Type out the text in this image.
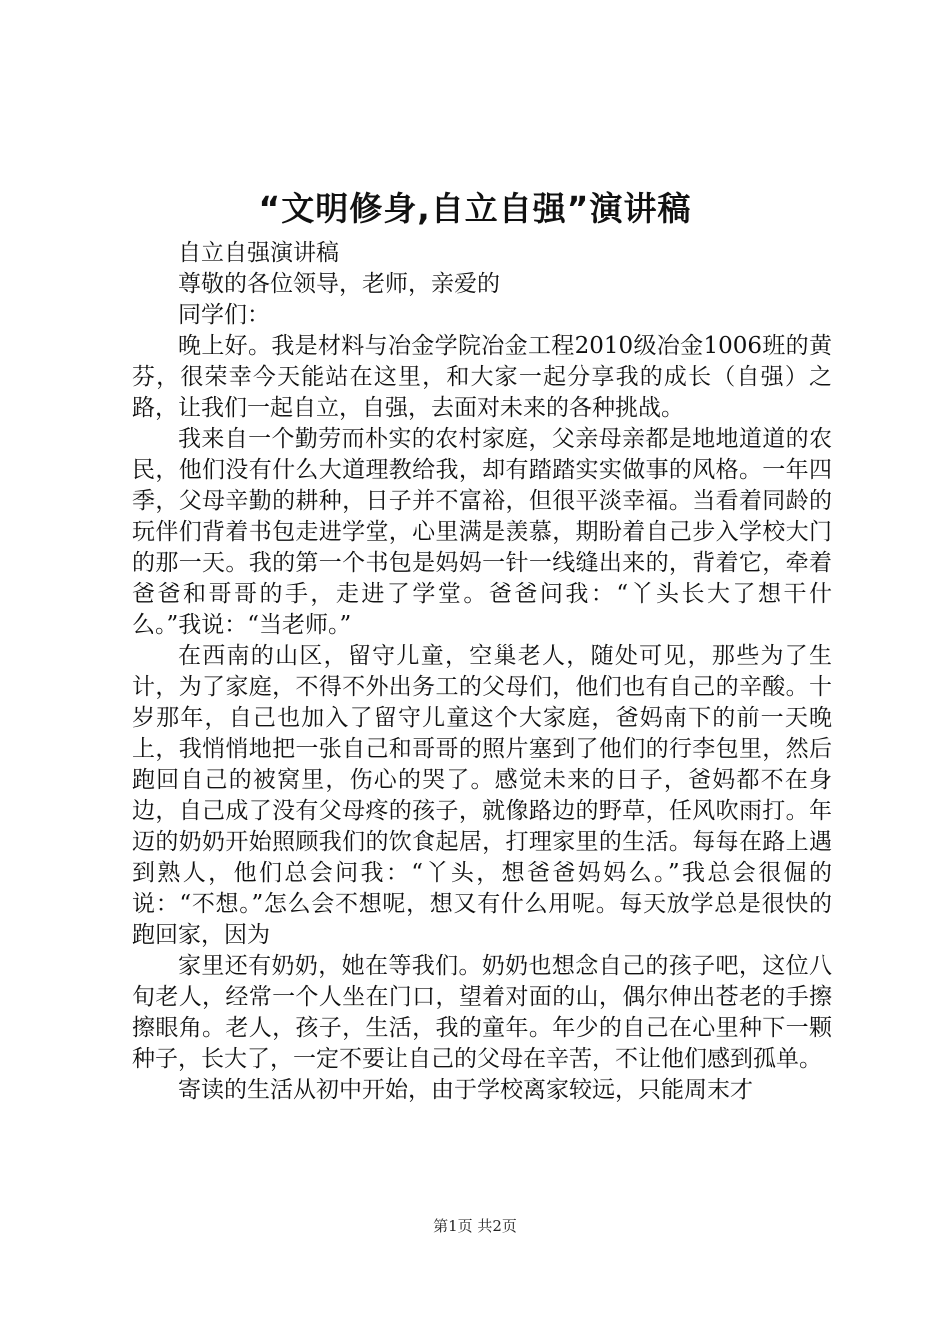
“文明修身,自立自强”演讲稿

自立自强演讲稿

尊敬的各位领导，老师，亲爱的

同学们：

晚上好。我是材料与冶金学院冶金工程2010级冶金1006班的黄芬，很荣幸今天能站在这里，和大家一起分享我的成长（自强）之路，让我们一起自立，自强，去面对未来的各种挑战。

我来自一个勤劳而朴实的农村家庭，父亲母亲都是地地道道的农民，他们没有什么大道理教给我，却有踏踏实实做事的风格。一年四季，父母辛勤的耕种，日子并不富裕，但很平淡幸福。当看着同龄的玩伴们背着书包走进学堂，心里满是羡慕，期盼着自己步入学校大门的那一天。我的第一个书包是妈妈一针一线缝出来的，背着它，牵着爸爸和哥哥的手，走进了学堂。爸爸问我：“丫头长大了想干什么。”我说：“当老师。”

在西南的山区，留守儿童，空巢老人，随处可见，那些为了生计，为了家庭，不得不外出务工的父母们，他们也有自己的辛酸。十岁那年，自己也加入了留守儿童这个大家庭，爸妈南下的前一天晚上，我悄悄地把一张自己和哥哥的照片塞到了他们的行李包里，然后跑回自己的被窝里，伤心的哭了。感觉未来的日子，爸妈都不在身边，自己成了没有父母疼的孩子，就像路边的野草，任风吹雨打。年迈的奶奶开始照顾我们的饮食起居，打理家里的生活。每每在路上遇到熟人，他们总会问我：“丫头，想爸爸妈妈么。”我总会很倔的说：“不想。”怎么会不想呢，想又有什么用呢。每天放学总是很快的跑回家，因为

家里还有奶奶，她在等我们。奶奶也想念自己的孩子吧，这位八旬老人，经常一个人坐在门口，望着对面的山，偶尔伸出苍老的手擦擦眼角。老人，孩子，生活，我的童年。年少的自己在心里种下一颗种子，长大了，一定不要让自己的父母在辛苦，不让他们感到孤单。

寄读的生活从初中开始，由于学校离家较远，只能周末才

第1页 共2页
